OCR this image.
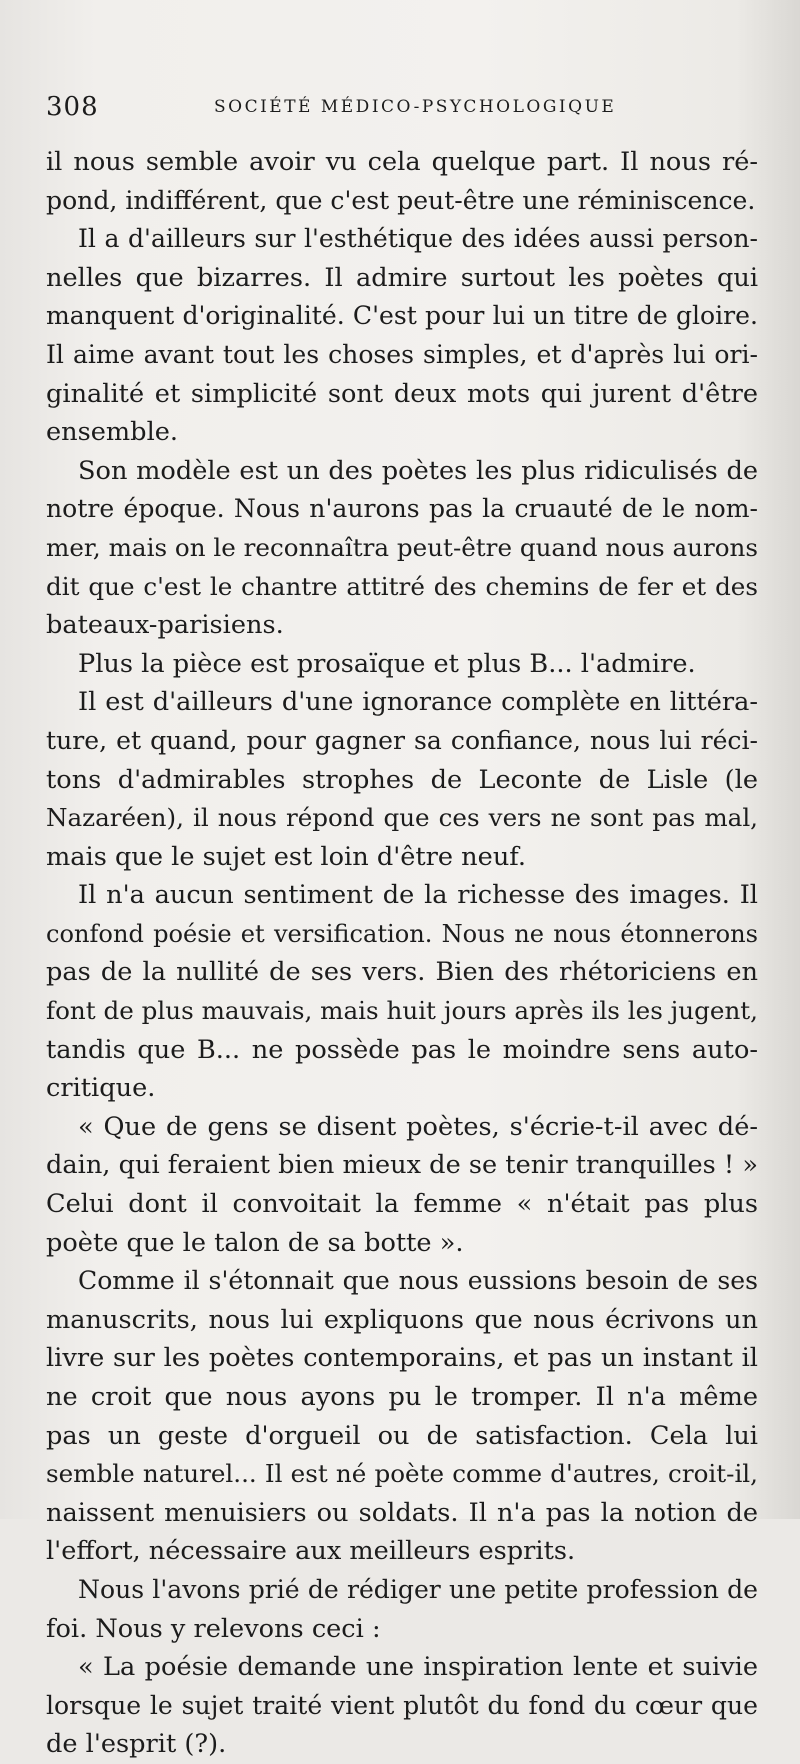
308	SOCIÉTÉ MÉDICO-PSYCHOLOGIQUE
il nous semble avoir vu cela quelque part. Il nous ré-
pond, indifférent, que c'est peut-être une réminiscence.
Il a d'ailleurs sur l'esthétique des idées aussi person-
nelles que bizarres. Il admire surtout les poètes qui
manquent d'originalité. C'est pour lui un titre de gloire.
Il aime avant tout les choses simples, et d'après lui ori-
ginalité et simplicité sont deux mots qui jurent d'être
ensemble.
Son modèle est un des poètes les plus ridiculisés de
notre époque. Nous n'aurons pas la cruauté de le nom-
mer, mais on le reconnaîtra peut-être quand nous aurons
dit que c'est le chantre attitré des chemins de fer et des
bateaux-parisiens.
Plus la pièce est prosaïque et plus B... l'admire.
Il est d'ailleurs d'une ignorance complète en littéra-
ture, et quand, pour gagner sa confiance, nous lui réci-
tons d'admirables strophes de Leconte de Lisle (le
Nazaréen), il nous répond que ces vers ne sont pas mal,
mais que le sujet est loin d'être neuf.
Il n'a aucun sentiment de la richesse des images. Il
confond poésie et versification. Nous ne nous étonnerons
pas de la nullité de ses vers. Bien des rhétoriciens en
font de plus mauvais, mais huit jours après ils les jugent,
tandis que B... ne possède pas le moindre sens auto-
critique.
« Que de gens se disent poètes, s'écrie-t-il avec dé-
dain, qui feraient bien mieux de se tenir tranquilles ! »
Celui dont il convoitait la femme « n'était pas plus
poète que le talon de sa botte ».
Comme il s'étonnait que nous eussions besoin de ses
manuscrits, nous lui expliquons que nous écrivons un
livre sur les poètes contemporains, et pas un instant il
ne croit que nous ayons pu le tromper. Il n'a même
pas un geste d'orgueil ou de satisfaction. Cela lui
semble naturel... Il est né poète comme d'autres, croit-il,
naissent menuisiers ou soldats. Il n'a pas la notion de
l'effort, nécessaire aux meilleurs esprits.
Nous l'avons prié de rédiger une petite profession de
foi. Nous y relevons ceci :
« La poésie demande une inspiration lente et suivie
lorsque le sujet traité vient plutôt du fond du cœur que
de l'esprit (?).
